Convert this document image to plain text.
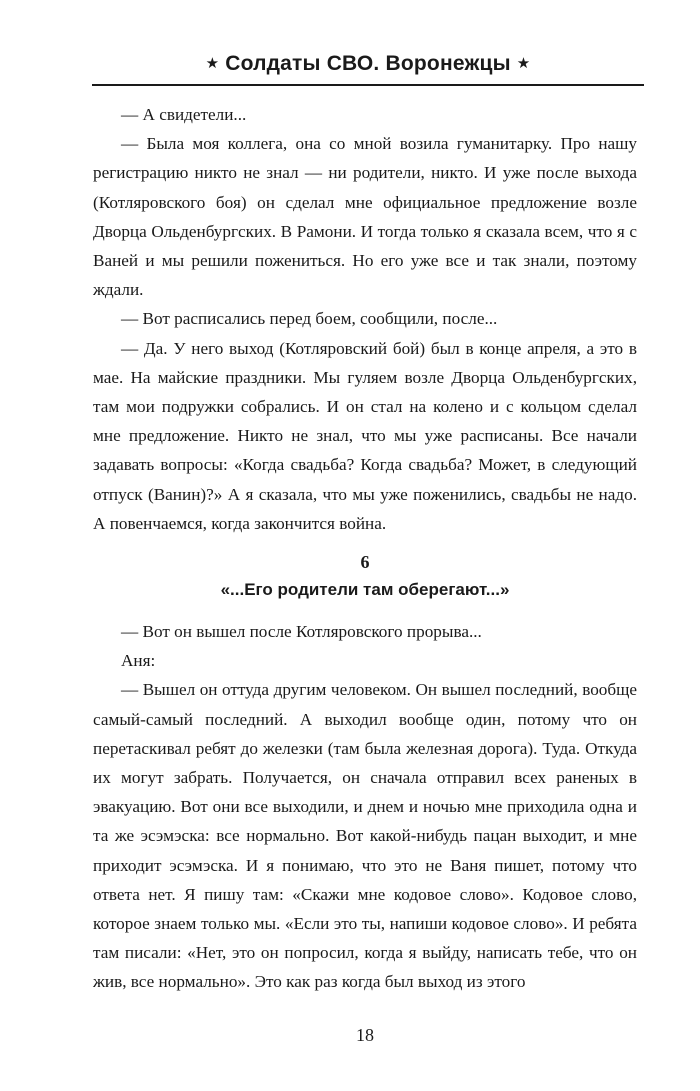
★ Солдаты СВО. Воронежцы ★

— А свидетели...

— Была моя коллега, она со мной возила гуманитарку. Про нашу регистрацию никто не знал — ни родители, никто. И уже после выхода (Котляровского боя) он сделал мне официальное предложение возле Дворца Ольденбургских. В Рамони. И тогда только я сказала всем, что я с Ваней и мы решили пожениться. Но его уже все и так знали, поэтому ждали.

— Вот расписались перед боем, сообщили, после...

— Да. У него выход (Котляровский бой) был в конце апреля, а это в мае. На майские праздники. Мы гуляем возле Дворца Ольденбургских, там мои подружки собрались. И он стал на колено и с кольцом сделал мне предложение. Никто не знал, что мы уже расписаны. Все начали задавать вопросы: «Когда свадьба? Когда свадьба? Может, в следующий отпуск (Ванин)?» А я сказала, что мы уже поженились, свадьбы не надо. А повенчаемся, когда закончится война.

6
«...Его родители там оберегают...»

— Вот он вышел после Котляровского прорыва...

Аня:

— Вышел он оттуда другим человеком. Он вышел последний, вообще самый-самый последний. А выходил вообще один, потому что он перетаскивал ребят до железки (там была железная дорога). Туда. Откуда их могут забрать. Получается, он сначала отправил всех раненых в эвакуацию. Вот они все выходили, и днем и ночью мне приходила одна и та же эсэмэска: все нормально. Вот какой-нибудь пацан выходит, и мне приходит эсэмэска. И я понимаю, что это не Ваня пишет, потому что ответа нет. Я пишу там: «Скажи мне кодовое слово». Кодовое слово, которое знаем только мы. «Если это ты, напиши кодовое слово». И ребята там писали: «Нет, это он попросил, когда я выйду, написать тебе, что он жив, все нормально». Это как раз когда был выход из этого

18
